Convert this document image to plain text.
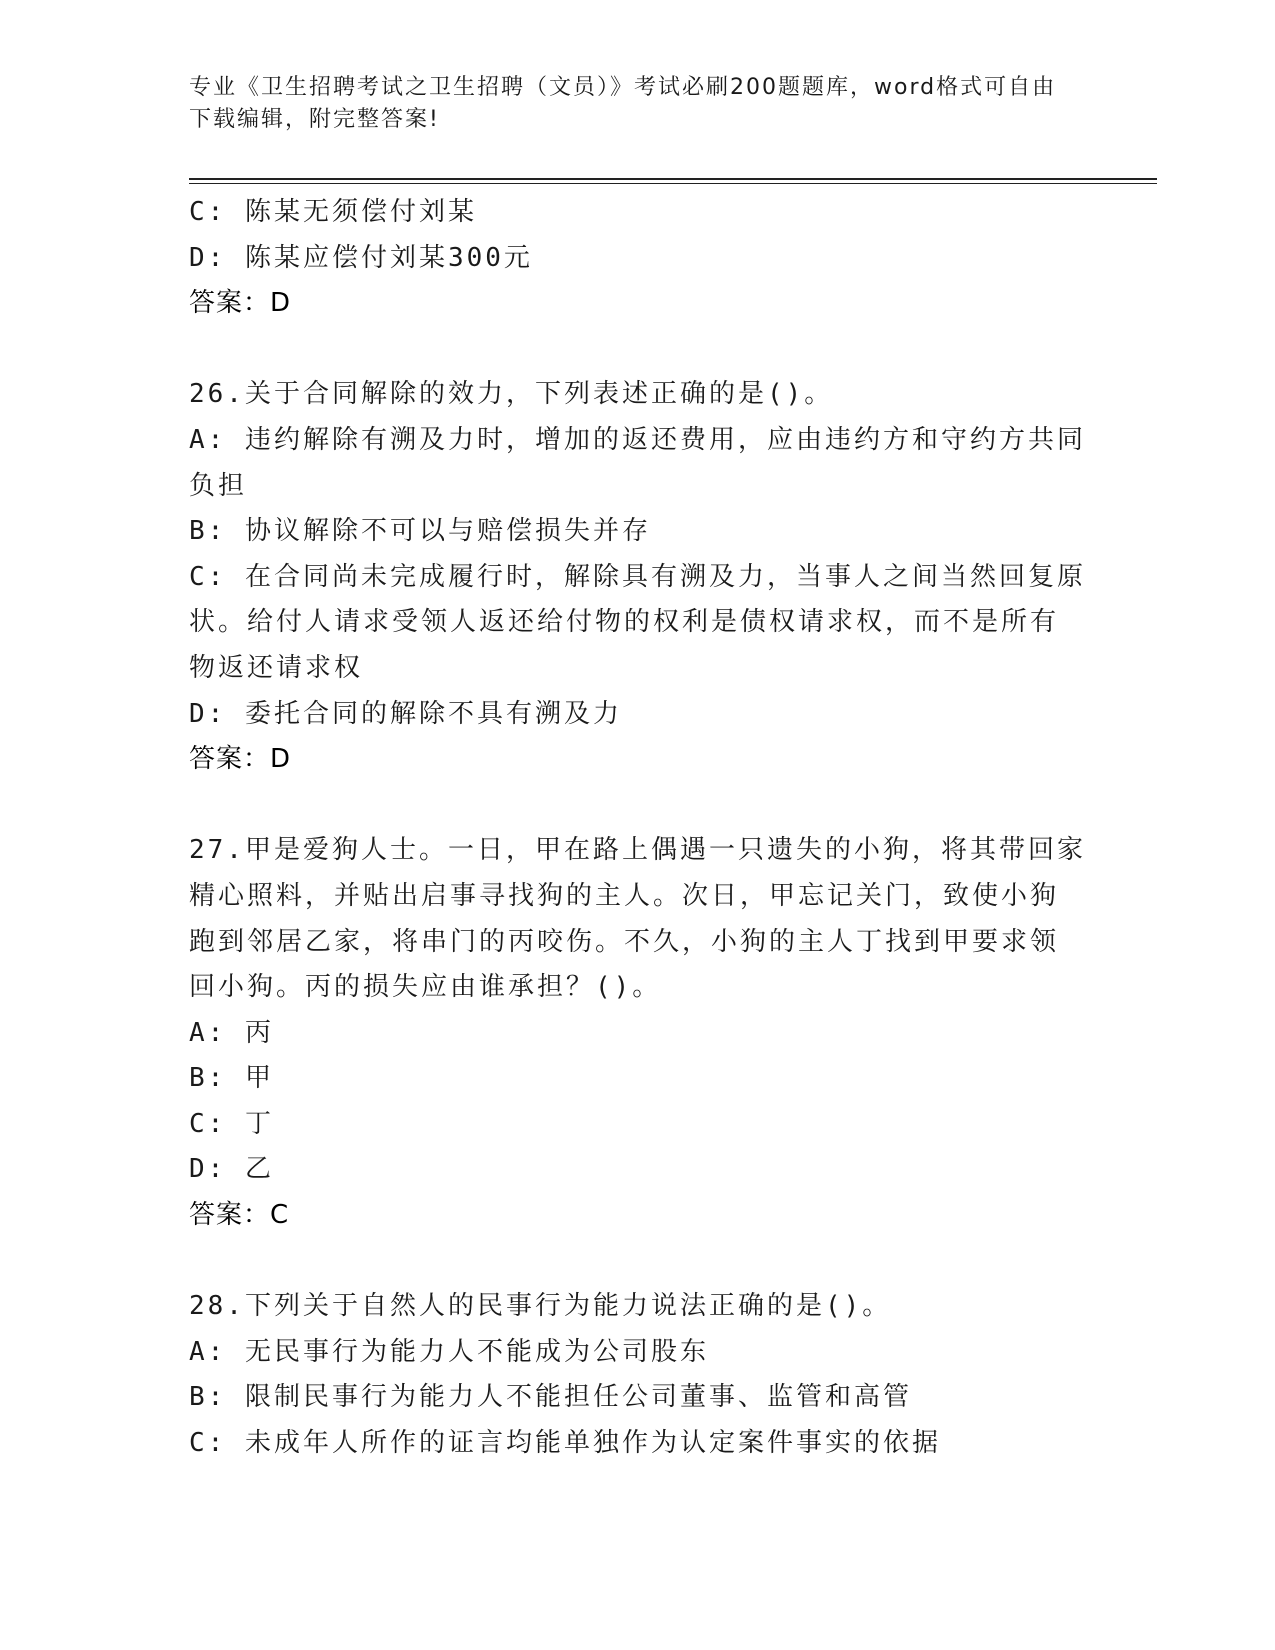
专业《卫生招聘考试之卫生招聘（文员）》考试必刷200题题库，word格式可自由下载编辑，附完整答案!

C: 陈某无须偿付刘某

D: 陈某应偿付刘某300元

答案：D

26.关于合同解除的效力，下列表述正确的是()。

A: 违约解除有溯及力时，增加的返还费用，应由违约方和守约方共同

负担

B: 协议解除不可以与赔偿损失并存

C: 在合同尚未完成履行时，解除具有溯及力，当事人之间当然回复原

状。给付人请求受领人返还给付物的权利是债权请求权，而不是所有

物返还请求权

D: 委托合同的解除不具有溯及力

答案：D

27.甲是爱狗人士。一日，甲在路上偶遇一只遗失的小狗，将其带回家

精心照料，并贴出启事寻找狗的主人。次日，甲忘记关门，致使小狗

跑到邻居乙家，将串门的丙咬伤。不久，小狗的主人丁找到甲要求领

回小狗。丙的损失应由谁承担？()。

A: 丙

B: 甲

C: 丁

D: 乙

答案：C

28.下列关于自然人的民事行为能力说法正确的是()。

A: 无民事行为能力人不能成为公司股东

B: 限制民事行为能力人不能担任公司董事、监管和高管

C: 未成年人所作的证言均能单独作为认定案件事实的依据
